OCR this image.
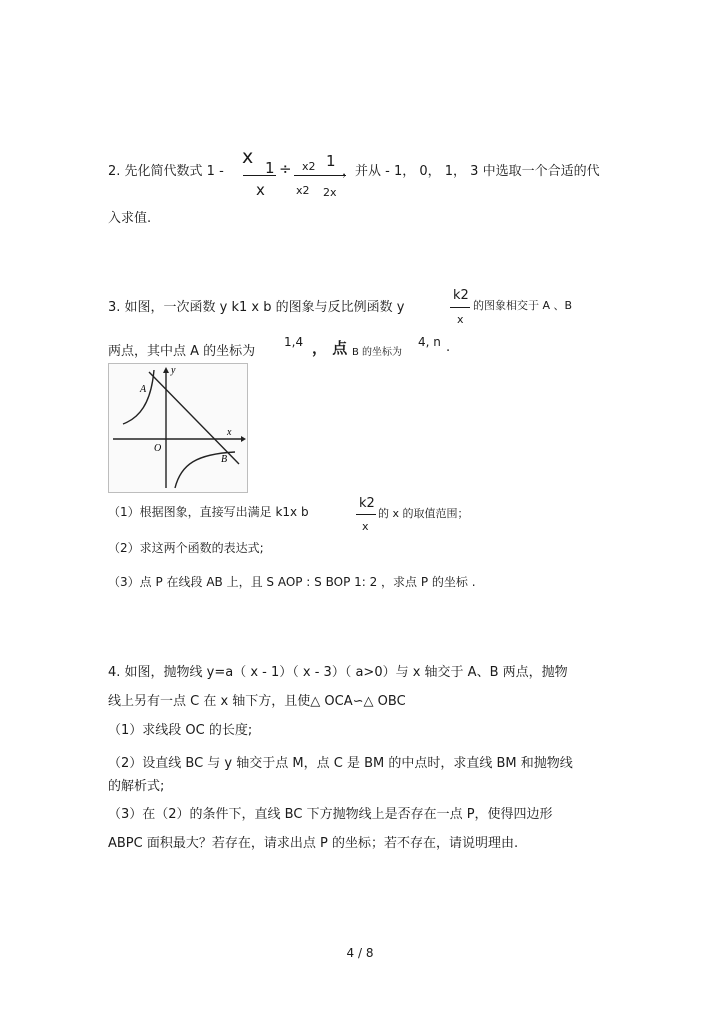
2. 先化简代数式 1 -
x 1
x
÷ x2
x2
1
2x
，并从 - 1， 0， 1， 3 中选取一个合适的代
入求值.
3. 如图，一次函数 y k1 x b 的图象与反比例函数 y
k2
x
的图象相交于 A 、B
两点，其中点 A 的坐标为
1,4 ， 点 B 的坐标为
4, n .
A
B
O
x
y
（1）根据图象，直接写出满足 k1x b
k2
x
的 x 的取值范围；
（2）求这两个函数的表达式;
（3）点 P 在线段 AB 上，且 S AOP : S BOP 1: 2 ，求点 P 的坐标 .
4. 如图，抛物线 y=a（ x - 1）（ x - 3）（ a>0）与 x 轴交于 A、B 两点，抛物
线上另有一点 C 在 x 轴下方，且使△ OCA∽△ OBC
（1）求线段 OC 的长度;
（2）设直线 BC 与 y 轴交于点 M，点 C 是 BM 的中点时，求直线 BM 和抛物线
的解析式;
（3）在（2）的条件下，直线 BC 下方抛物线上是否存在一点 P，使得四边形
ABPC 面积最大？若存在，请求出点 P 的坐标；若不存在，请说明理由.
4 / 8
